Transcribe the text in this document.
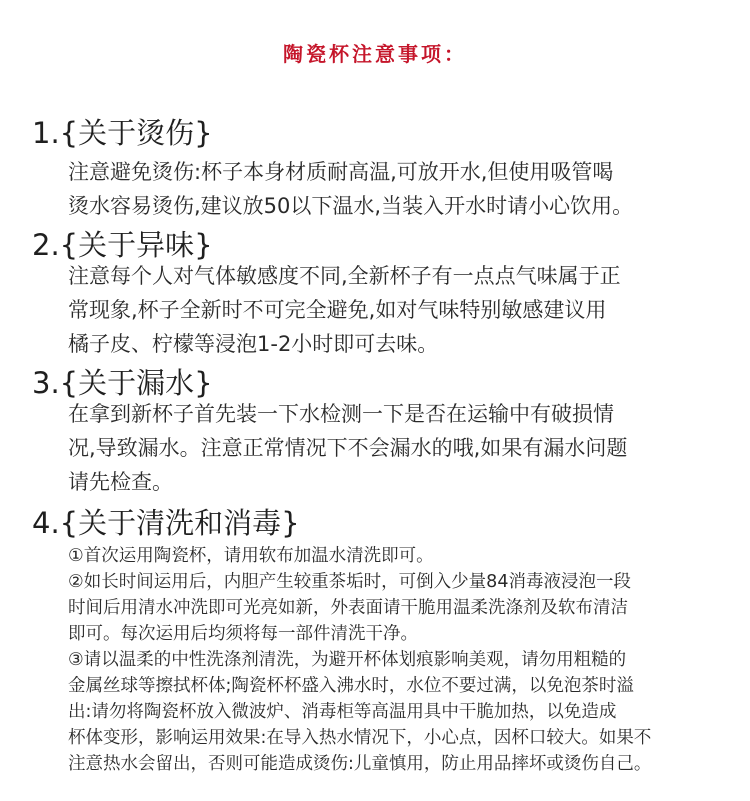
陶瓷杯注意事项：
1.{关于烫伤}
注意避免烫伤:杯子本身材质耐高温,可放开水,但使用吸管喝
烫水容易烫伤,建议放50以下温水,当装入开水时请小心饮用。
2.{关于异味}
注意每个人对气体敏感度不同,全新杯子有一点点气味属于正
常现象,杯子全新时不可完全避免,如对气味特别敏感建议用
橘子皮、柠檬等浸泡1-2小时即可去味。
3.{关于漏水}
在拿到新杯子首先装一下水检测一下是否在运输中有破损情
况,导致漏水。注意正常情况下不会漏水的哦,如果有漏水问题
请先检查。
4.{关于清洗和消毒}
①首次运用陶瓷杯，请用软布加温水清洗即可。
②如长时间运用后，内胆产生较重茶垢时，可倒入少量84消毒液浸泡一段
时间后用清水冲洗即可光亮如新，外表面请干脆用温柔洗涤剂及软布清洁
即可。每次运用后均须将每一部件清洗干净。
③请以温柔的中性洗涤剂清洗，为避开杯体划痕影响美观，请勿用粗糙的
金属丝球等擦拭杯体;陶瓷杯杯盛入沸水时，水位不要过满，以免泡茶时溢
出:请勿将陶瓷杯放入微波炉、消毒柜等高温用具中干脆加热，以免造成
杯体变形，影响运用效果:在导入热水情况下，小心点，因杯口较大。如果不
注意热水会留出，否则可能造成烫伤:儿童慎用，防止用品摔坏或烫伤自己。
